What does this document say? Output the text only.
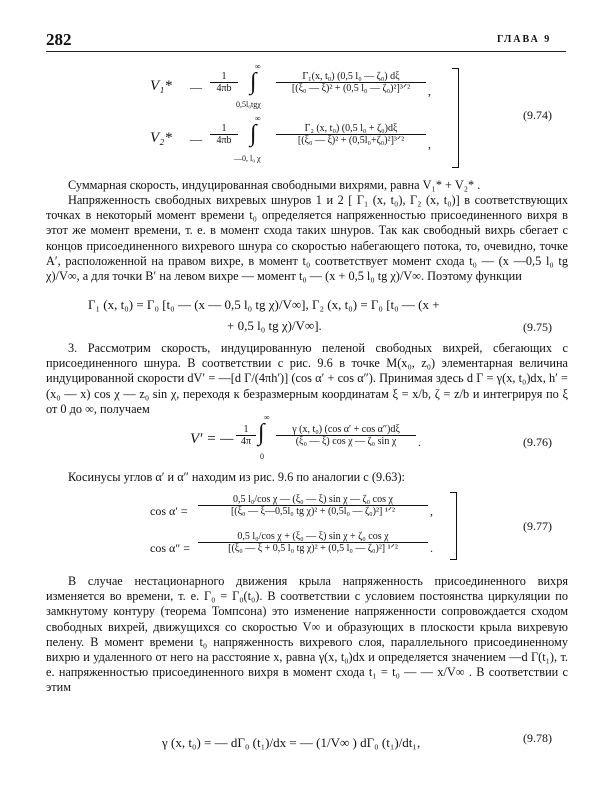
282	ГЛАВА 9
V₁* — $\frac{1}{4\pi b}$
∞
∫
0,5l₀tgχ
Γ₁(x, t₀) (0,5 l₀ — ζ₀) dξ
[(ξ₀ — ξ)² + (0,5 l₀ — ζ₀)²]³ᐟ²	,
V₂* — $\frac{1}{4\pi b}$
∞
∫
—0, l₀ χ
Γ₂ (x, t₀) (0,5 l₀ + ζ₀)dξ
[(ξ₀ — ξ)² + (0,5l₀+ζ₀)²]³ᐟ²	,
(9.74)
Суммарная скорость, индуцированная свободными вихрями, равна V₁* + V₂* .
Напряженность свободных вихревых шнуров 1 и 2 [ Γ₁ (x, t₀), Γ₂ (x, t₀)] в соответствующих точках в некоторый момент времени t₀ определяется напряженностью присоединенного вихря в этот же момент времени, т. е. в момент схода таких шнуров. Так как свободный вихрь сбегает с концов присоединенного вихревого шнура со скоростью набегающего потока, то, очевидно, точке A′, расположенной на правом вихре, в момент t₀ соответствует момент схода t₀ — (x —0,5 l₀ tg χ)/V∞, а для точки B′ на левом вихре — момент t₀ — (x + 0,5 l₀ tg χ)/V∞. Поэтому функции
Γ₁ (x, t₀) = Γ₀ [t₀ — (x — 0,5 l₀ tg χ)/V∞], Γ₂ (x, t₀) = Γ₀ [t₀ — (x +
+ 0,5 l₀ tg χ)/V∞].	(9.75)
3. Рассмотрим скорость, индуцированную пеленой свободных вихрей, сбегающих с присоединенного шнура. В соответствии с рис. 9.6 в точке M(x₀, z₀) элементарная величина индуцированной скорости dV′ = —[d Γ/(4πh′)] (cos α′ + cos α″). Принимая здесь d Γ = γ(x, t₀)dx, h′ = (x₀ — x) cos χ — z₀ sin χ, переходя к безразмерным координатам ξ = x/b, ζ = z/b и интегрируя по ξ от 0 до ∞, получаем
V′ = — $\frac{1}{4\pi}$
∞
∫
0
$\frac{\text{γ (x, t₀) (cos α′ + cos α″)dξ}}{\text{(ξ₀ — ξ) cos χ — ζ₀ sin χ}}$ .	(9.76)
Косинусы углов α′ и α″ находим из рис. 9.6 по аналогии с (9.63):
cos α′ =
0,5 l₀/cos χ — (ξ₀ — ξ) sin χ — ζ₀ cos χ
[(ξ₀ — ξ—0,5l₀ tg χ)² + (0,5l₀ — ζ₀)²] ¹ᐟ²	,
cos α″ =
0,5 l₀/cos χ + (ξ₀ — ξ) sin χ + ζ₀ cos χ
[(ξ₀ — ξ + 0,5 l₀ tg χ)² + (0,5 l₀ — ζ₀)²] ¹ᐟ²	.
(9.77)
В случае нестационарного движения крыла напряженность присоединенного вихря изменяется во времени, т. е. Γ₀ = Γ₀(t₀). В соответствии с условием постоянства циркуляции по замкнутому контуру (теорема Томпсона) это изменение напряженности сопровождается сходом свободных вихрей, движущихся со скоростью V∞ и образующих в плоскости крыла вихревую пелену. В момент времени t₀ напряженность вихревого слоя, параллельного присоединенному вихрю и удаленного от него на расстояние x, равна γ(x, t₀)dx и определяется значением —d Γ(t₁), т. е. напряженностью присоединенного вихря в момент схода t₁ = t₀ — — x/V∞ . В соответствии с этим
γ (x, t₀) = — dΓ₀ (t₁)/dx = — (1/V∞ ) dΓ₀ (t₁)/dt₁,	(9.78)
